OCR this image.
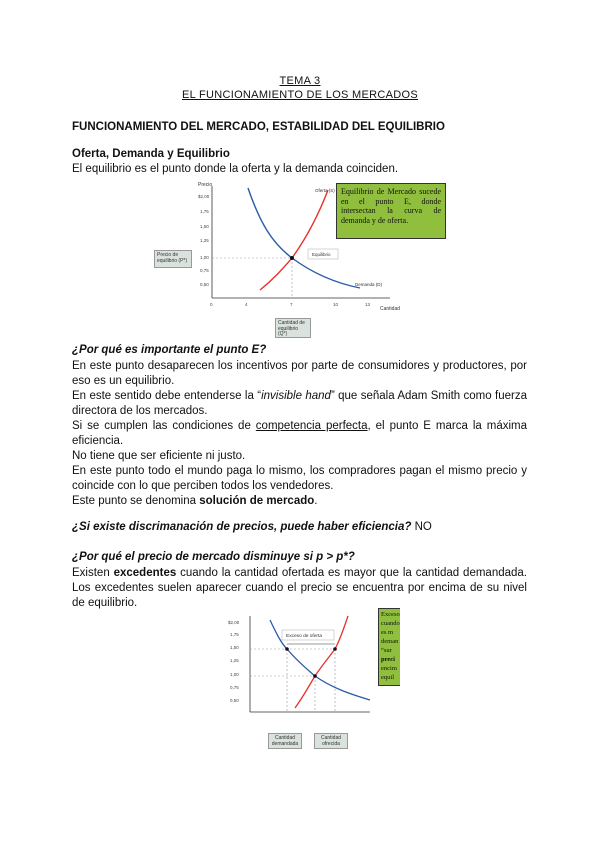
TEMA 3
EL FUNCIONAMIENTO DE LOS MERCADOS
FUNCIONAMIENTO DEL MERCADO, ESTABILIDAD DEL EQUILIBRIO
Oferta, Demanda y Equilibrio
El equilibrio es el punto donde la oferta y la demanda coinciden.
Precio
Cantidad
$2,00
1,75
1,50
1,25
1,00
0,75
0,50
0	4	7	10	13
Oferta (S)
Demanda (D)
Equilibrio
Precio de equilibrio (P*)
Cantidad de equilibrio (Q*)
Equilibrio de Mercado sucede en el punto E, donde intersectan la curva de demanda y de oferta.
¿Por qué es importante el punto E?
En este punto desaparecen los incentivos por parte de consumidores y productores, por eso es un equilibrio.
En este sentido debe entenderse la “invisible hand” que señala Adam Smith como fuerza directora de los mercados.
Si se cumplen las condiciones de competencia perfecta, el punto E marca la máxima eficiencia.
No tiene que ser eficiente ni justo.
En este punto todo el mundo paga lo mismo, los compradores pagan el mismo precio y coincide con lo que perciben todos los vendedores.
Este punto se denomina solución de mercado.
¿Si existe discrimanación de precios, puede haber eficiencia? NO
¿Por qué el precio de mercado disminuye si p > p*?
Existen excedentes cuando la cantidad ofertada es mayor que la cantidad demandada. Los excedentes suelen aparecer cuando el precio se encuentra por encima de su nivel de equilibrio.
$2,00
1,75
1,50
1,25
1,00
0,75
0,50
Exceso de oferta
Cantidad demandada
Cantidad ofrecida
Exceso
cuando
es m
deman
“sur
preci
encim
equil
